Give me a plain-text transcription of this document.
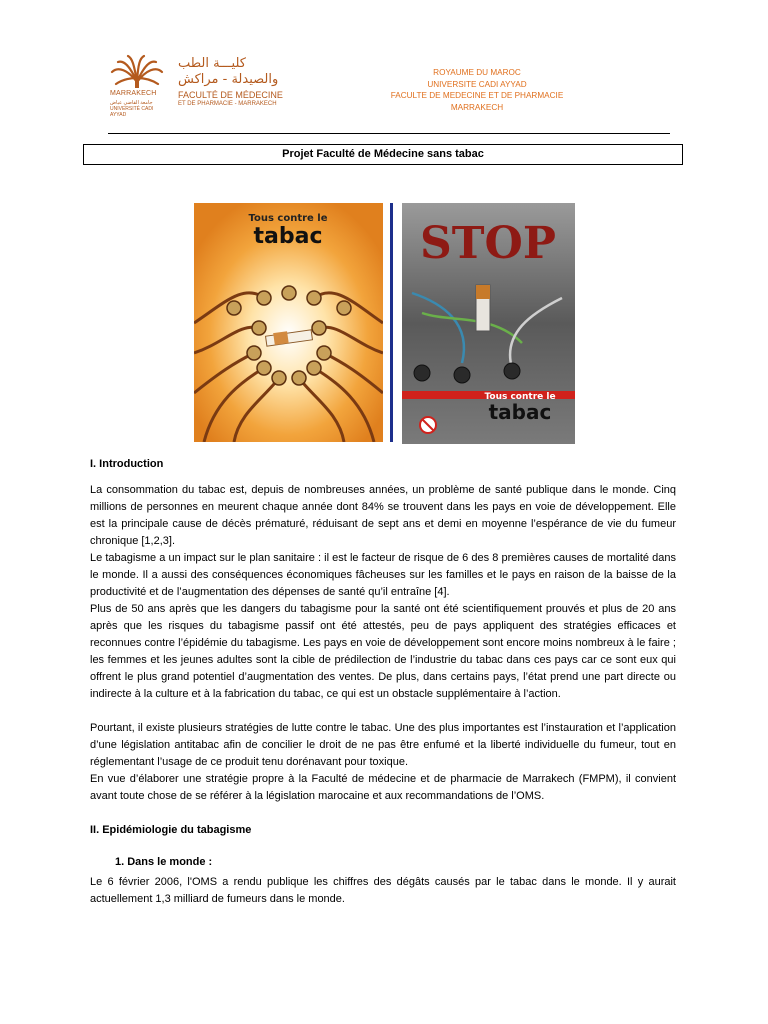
MARRAKECH
جامعة القاضي عياض UNIVERSITÉ CADI AYYAD
كليـــة الطب
والصيدلة - مراكش
FACULTÉ DE MÉDECINE
ET DE PHARMACIE - MARRAKECH
ROYAUME DU MAROC
UNIVERSITE CADI AYYAD
FACULTE DE MEDECINE ET DE PHARMACIE
MARRAKECH
Projet Faculté de Médecine sans tabac
Tous contre le
tabac STOP
Tous contre le
tabac
I. Introduction
La consommation du tabac est, depuis de nombreuses années, un problème de santé publique dans le monde. Cinq millions de personnes en meurent chaque année dont 84% se trouvent dans les pays en voie de développement. Elle est la principale cause de décès prématuré, réduisant de sept ans et demi en moyenne l’espérance de vie du fumeur chronique [1,2,3].
Le tabagisme a un impact sur le plan sanitaire : il est le facteur de risque de 6 des 8 premières causes de mortalité dans le monde. Il a aussi des conséquences économiques fâcheuses sur les familles et le pays en raison de la baisse de la productivité et de l’augmentation des dépenses de santé qu’il entraîne [4].
Plus de 50 ans après que les dangers du tabagisme pour la santé ont été scientifiquement prouvés et plus de 20 ans après que les risques du tabagisme passif ont été attestés, peu de pays appliquent des stratégies efficaces et reconnues contre l’épidémie du tabagisme. Les pays en voie de développement sont encore moins nombreux à le faire ; les femmes et les jeunes adultes sont la cible de prédilection de l’industrie du tabac dans ces pays car ce sont eux qui offrent le plus grand potentiel d’augmentation des ventes. De plus, dans certains pays, l’état prend une part directe ou indirecte à la culture et à la fabrication du tabac, ce qui est un obstacle supplémentaire à l’action.
Pourtant, il existe plusieurs stratégies de lutte contre le tabac. Une des plus importantes est l’instauration et l’application d’une législation antitabac afin de concilier le droit de ne pas être enfumé et la liberté individuelle du fumeur, tout en réglementant l’usage de ce produit tenu dorénavant pour toxique.
En vue d’élaborer une stratégie propre à la Faculté de médecine et de pharmacie de Marrakech (FMPM), il convient avant toute chose de se référer à la législation marocaine et aux recommandations de l’OMS.
II. Epidémiologie du tabagisme
1. Dans le monde :
Le 6 février 2006, l'OMS a rendu publique les chiffres des dégâts causés par le tabac dans le monde. Il y aurait actuellement 1,3 milliard de fumeurs dans le monde.
